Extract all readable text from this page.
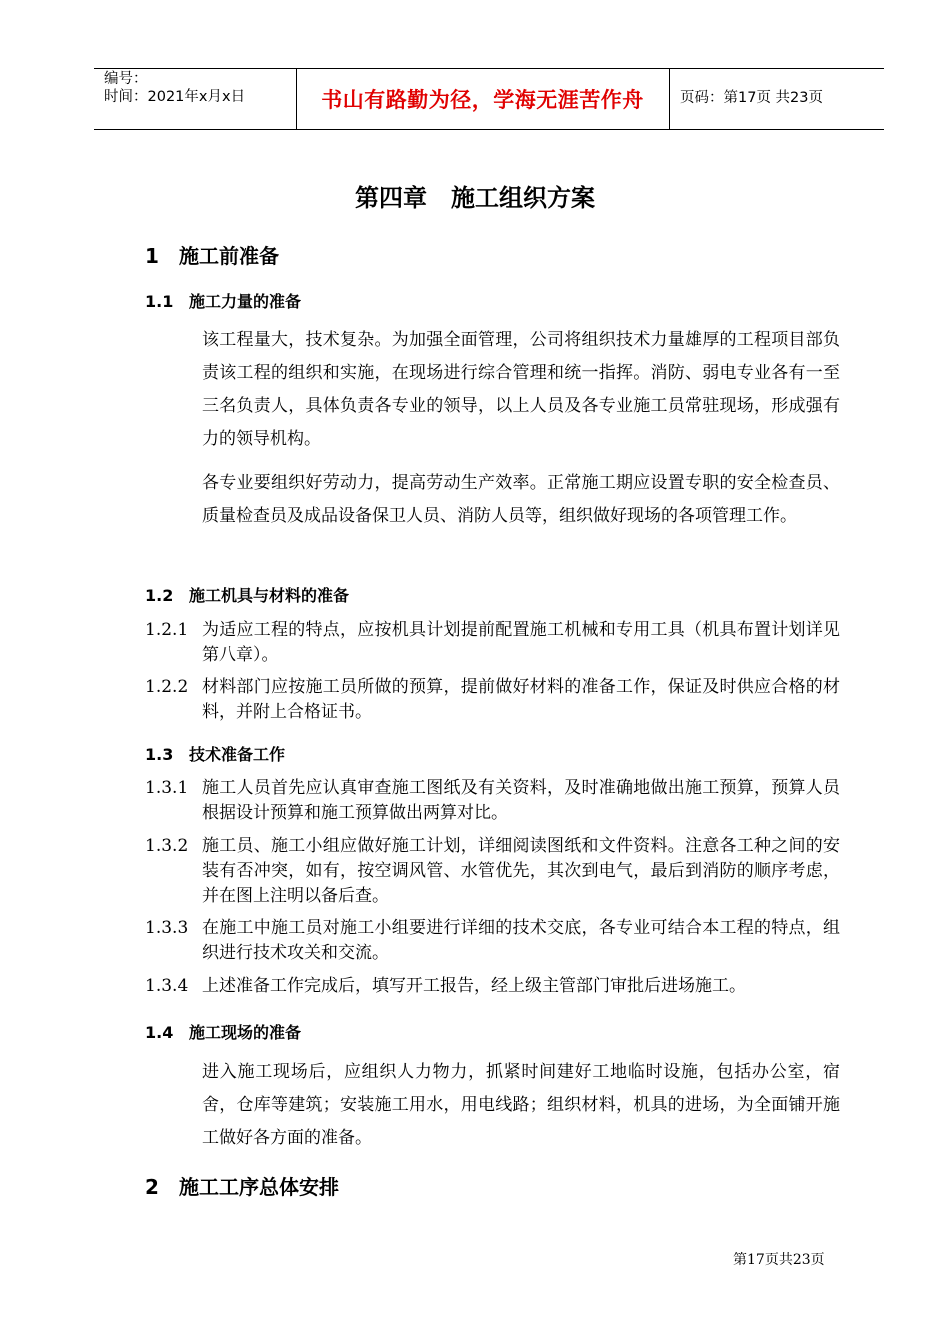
编号：
时间：2021年x月x日	书山有路勤为径，学海无涯苦作舟	页码：第17页 共23页
第四章　施工组织方案
1 施工前准备
1.1 施工力量的准备
该工程量大，技术复杂。为加强全面管理，公司将组织技术力量雄厚的工程项目部负责该工程的组织和实施，在现场进行综合管理和统一指挥。消防、弱电专业各有一至三名负责人，具体负责各专业的领导，以上人员及各专业施工员常驻现场，形成强有力的领导机构。
各专业要组织好劳动力，提高劳动生产效率。正常施工期应设置专职的安全检查员、质量检查员及成品设备保卫人员、消防人员等，组织做好现场的各项管理工作。
1.2 施工机具与材料的准备
1.2.1 为适应工程的特点，应按机具计划提前配置施工机械和专用工具（机具布置计划详见第八章）。
1.2.2 材料部门应按施工员所做的预算，提前做好材料的准备工作，保证及时供应合格的材料，并附上合格证书。
1.3 技术准备工作
1.3.1 施工人员首先应认真审查施工图纸及有关资料，及时准确地做出施工预算，预算人员根据设计预算和施工预算做出两算对比。
1.3.2 施工员、施工小组应做好施工计划，详细阅读图纸和文件资料。注意各工种之间的安装有否冲突，如有，按空调风管、水管优先，其次到电气，最后到消防的顺序考虑，并在图上注明以备后查。
1.3.3 在施工中施工员对施工小组要进行详细的技术交底，各专业可结合本工程的特点，组织进行技术攻关和交流。
1.3.4 上述准备工作完成后，填写开工报告，经上级主管部门审批后进场施工。
1.4 施工现场的准备
进入施工现场后，应组织人力物力，抓紧时间建好工地临时设施，包括办公室，宿舍，仓库等建筑；安装施工用水，用电线路；组织材料，机具的进场，为全面铺开施工做好各方面的准备。
2 施工工序总体安排
第17页共23页
